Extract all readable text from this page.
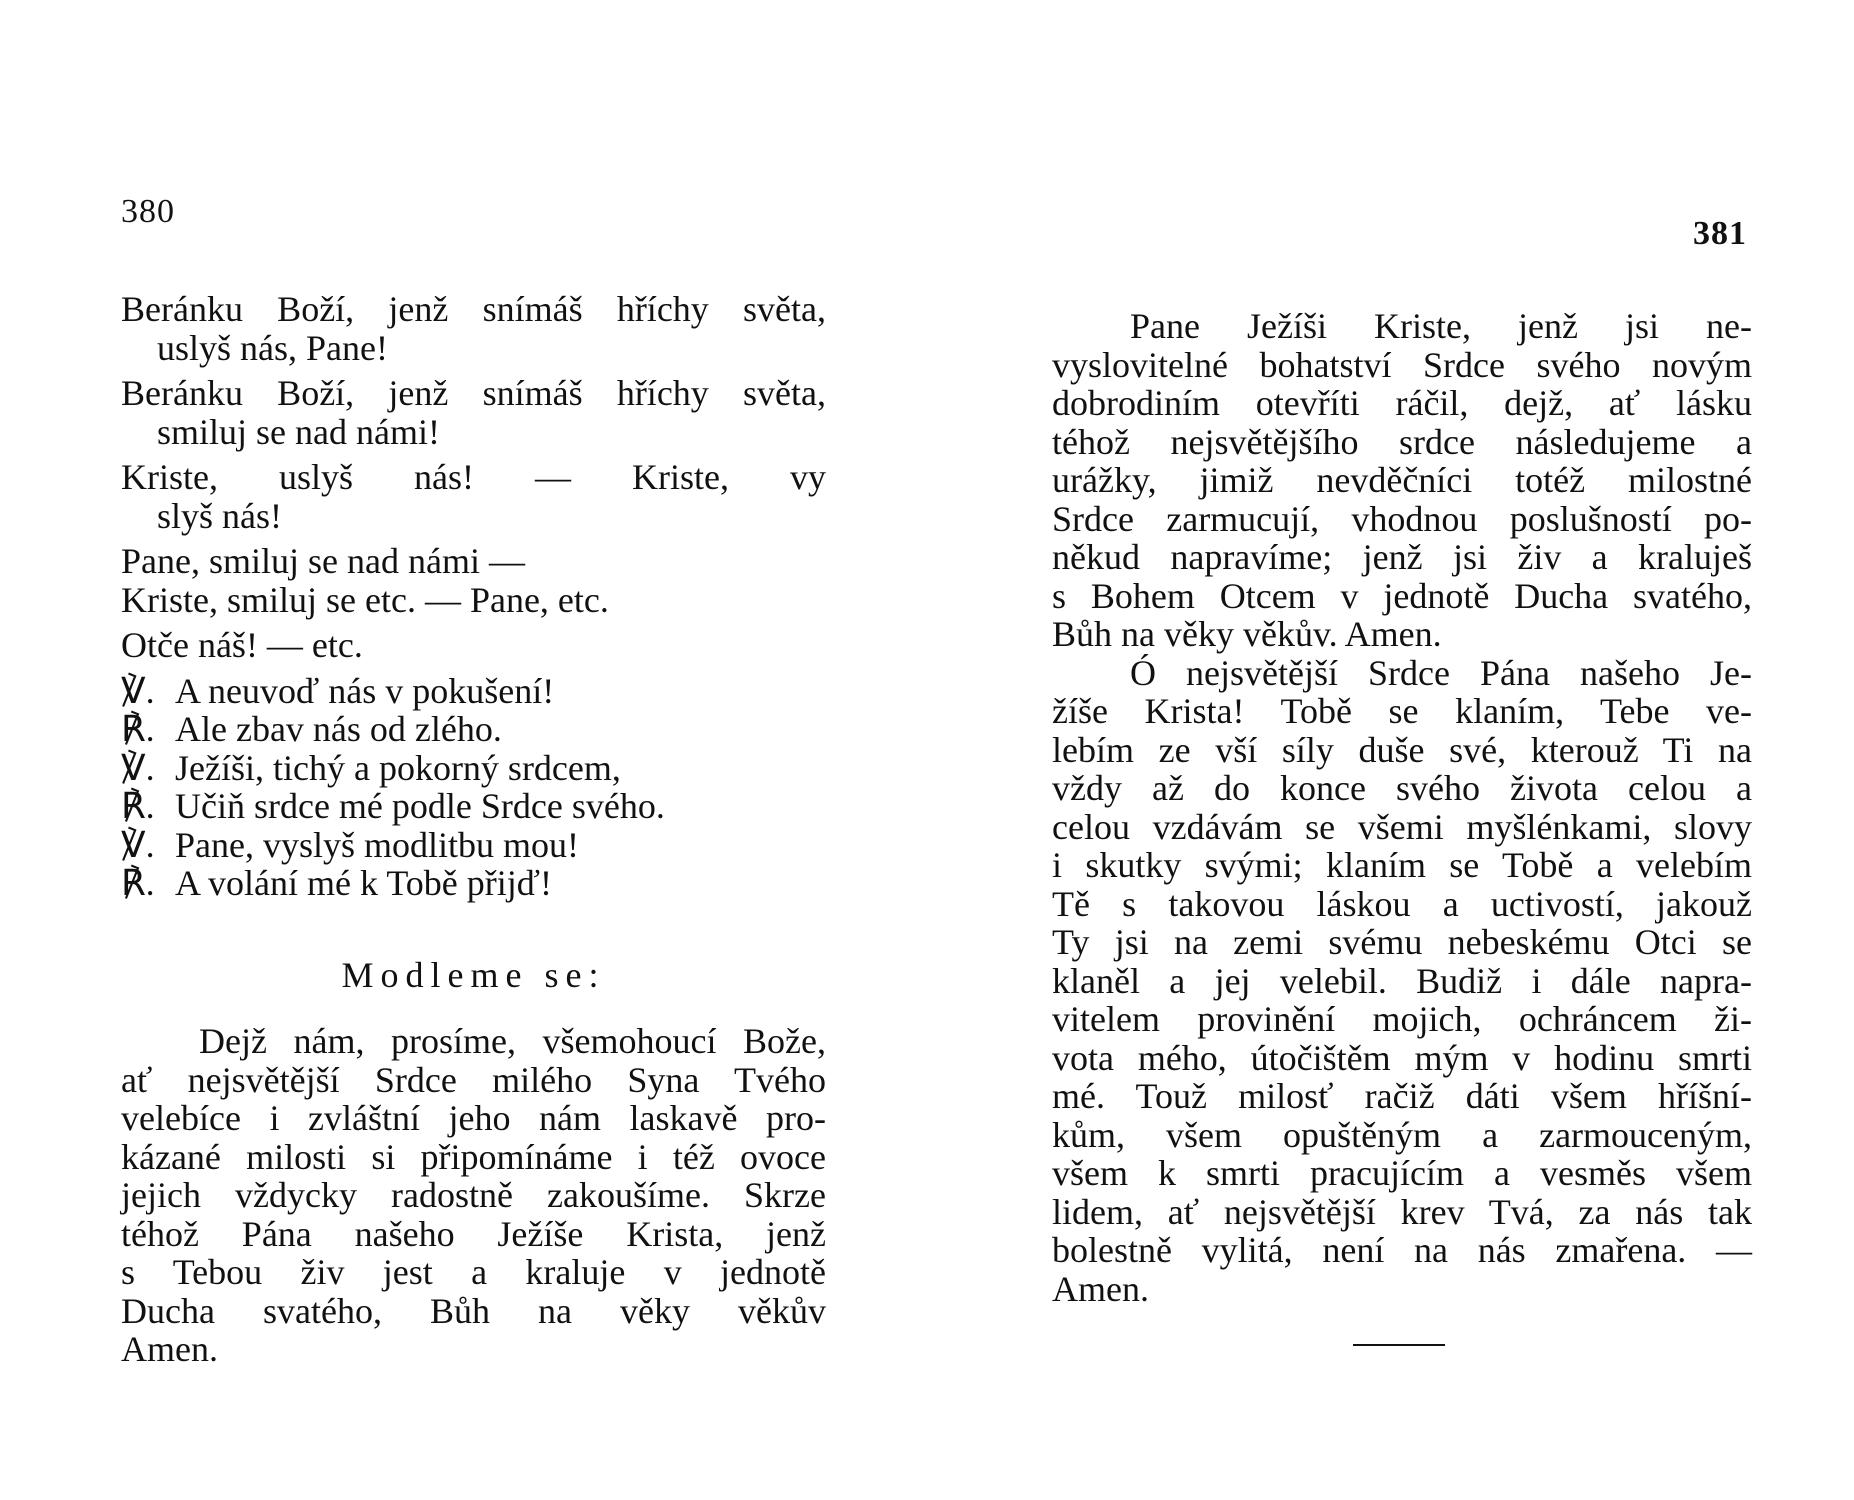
380
Beránku Boží, jenž snímáš hříchy světa,
uslyš nás, Pane!
Beránku Boží, jenž snímáš hříchy světa,
smiluj se nad námi!
Kriste, uslyš nás! — Kriste, vy
slyš nás!
Pane, smiluj se nad námi —
Kriste, smiluj se etc. — Pane, etc.
Otče náš! — etc.
℣. A neuvoď nás v pokušení!
℟. Ale zbav nás od zlého.
℣. Ježíši, tichý a pokorný srdcem,
℟. Učiň srdce mé podle Srdce svého.
℣. Pane, vyslyš modlitbu mou!
℟. A volání mé k Tobě přijď!
Modleme se:
Dejž nám, prosíme, všemohoucí Bože,
ať nejsvětější Srdce milého Syna Tvého
velebíce i zvláštní jeho nám laskavě pro-
kázané milosti si připomínáme i též ovoce
jejich vždycky radostně zakoušíme. Skrze
téhož Pána našeho Ježíše Krista, jenž
s Tebou živ jest a kraluje v jednotě
Ducha svatého, Bůh na věky věkův
Amen.
381
Pane Ježíši Kriste, jenž jsi ne-
vyslovitelné bohatství Srdce svého novým
dobrodiním otevříti ráčil, dejž, ať lásku
téhož nejsvětějšího srdce následujeme a
urážky, jimiž nevděčníci totéž milostné
Srdce zarmucují, vhodnou poslušností po-
někud napravíme; jenž jsi živ a kraluješ
s Bohem Otcem v jednotě Ducha svatého,
Bůh na věky věkův. Amen.
Ó nejsvětější Srdce Pána našeho Je-
žíše Krista! Tobě se klaním, Tebe ve-
lebím ze vší síly duše své, kterouž Ti na
vždy až do konce svého života celou a
celou vzdávám se všemi myšlénkami, slovy
i skutky svými; klaním se Tobě a velebím
Tě s takovou láskou a uctivostí, jakouž
Ty jsi na zemi svému nebeskému Otci se
klaněl a jej velebil. Budiž i dále napra-
vitelem provinění mojich, ochráncem ži-
vota mého, útočištěm mým v hodinu smrti
mé. Touž milosť račiž dáti všem hříšní-
kům, všem opuštěným a zarmouceným,
všem k smrti pracujícím a vesměs všem
lidem, ať nejsvětější krev Tvá, za nás tak
bolestně vylitá, není na nás zmařena. —
Amen.
